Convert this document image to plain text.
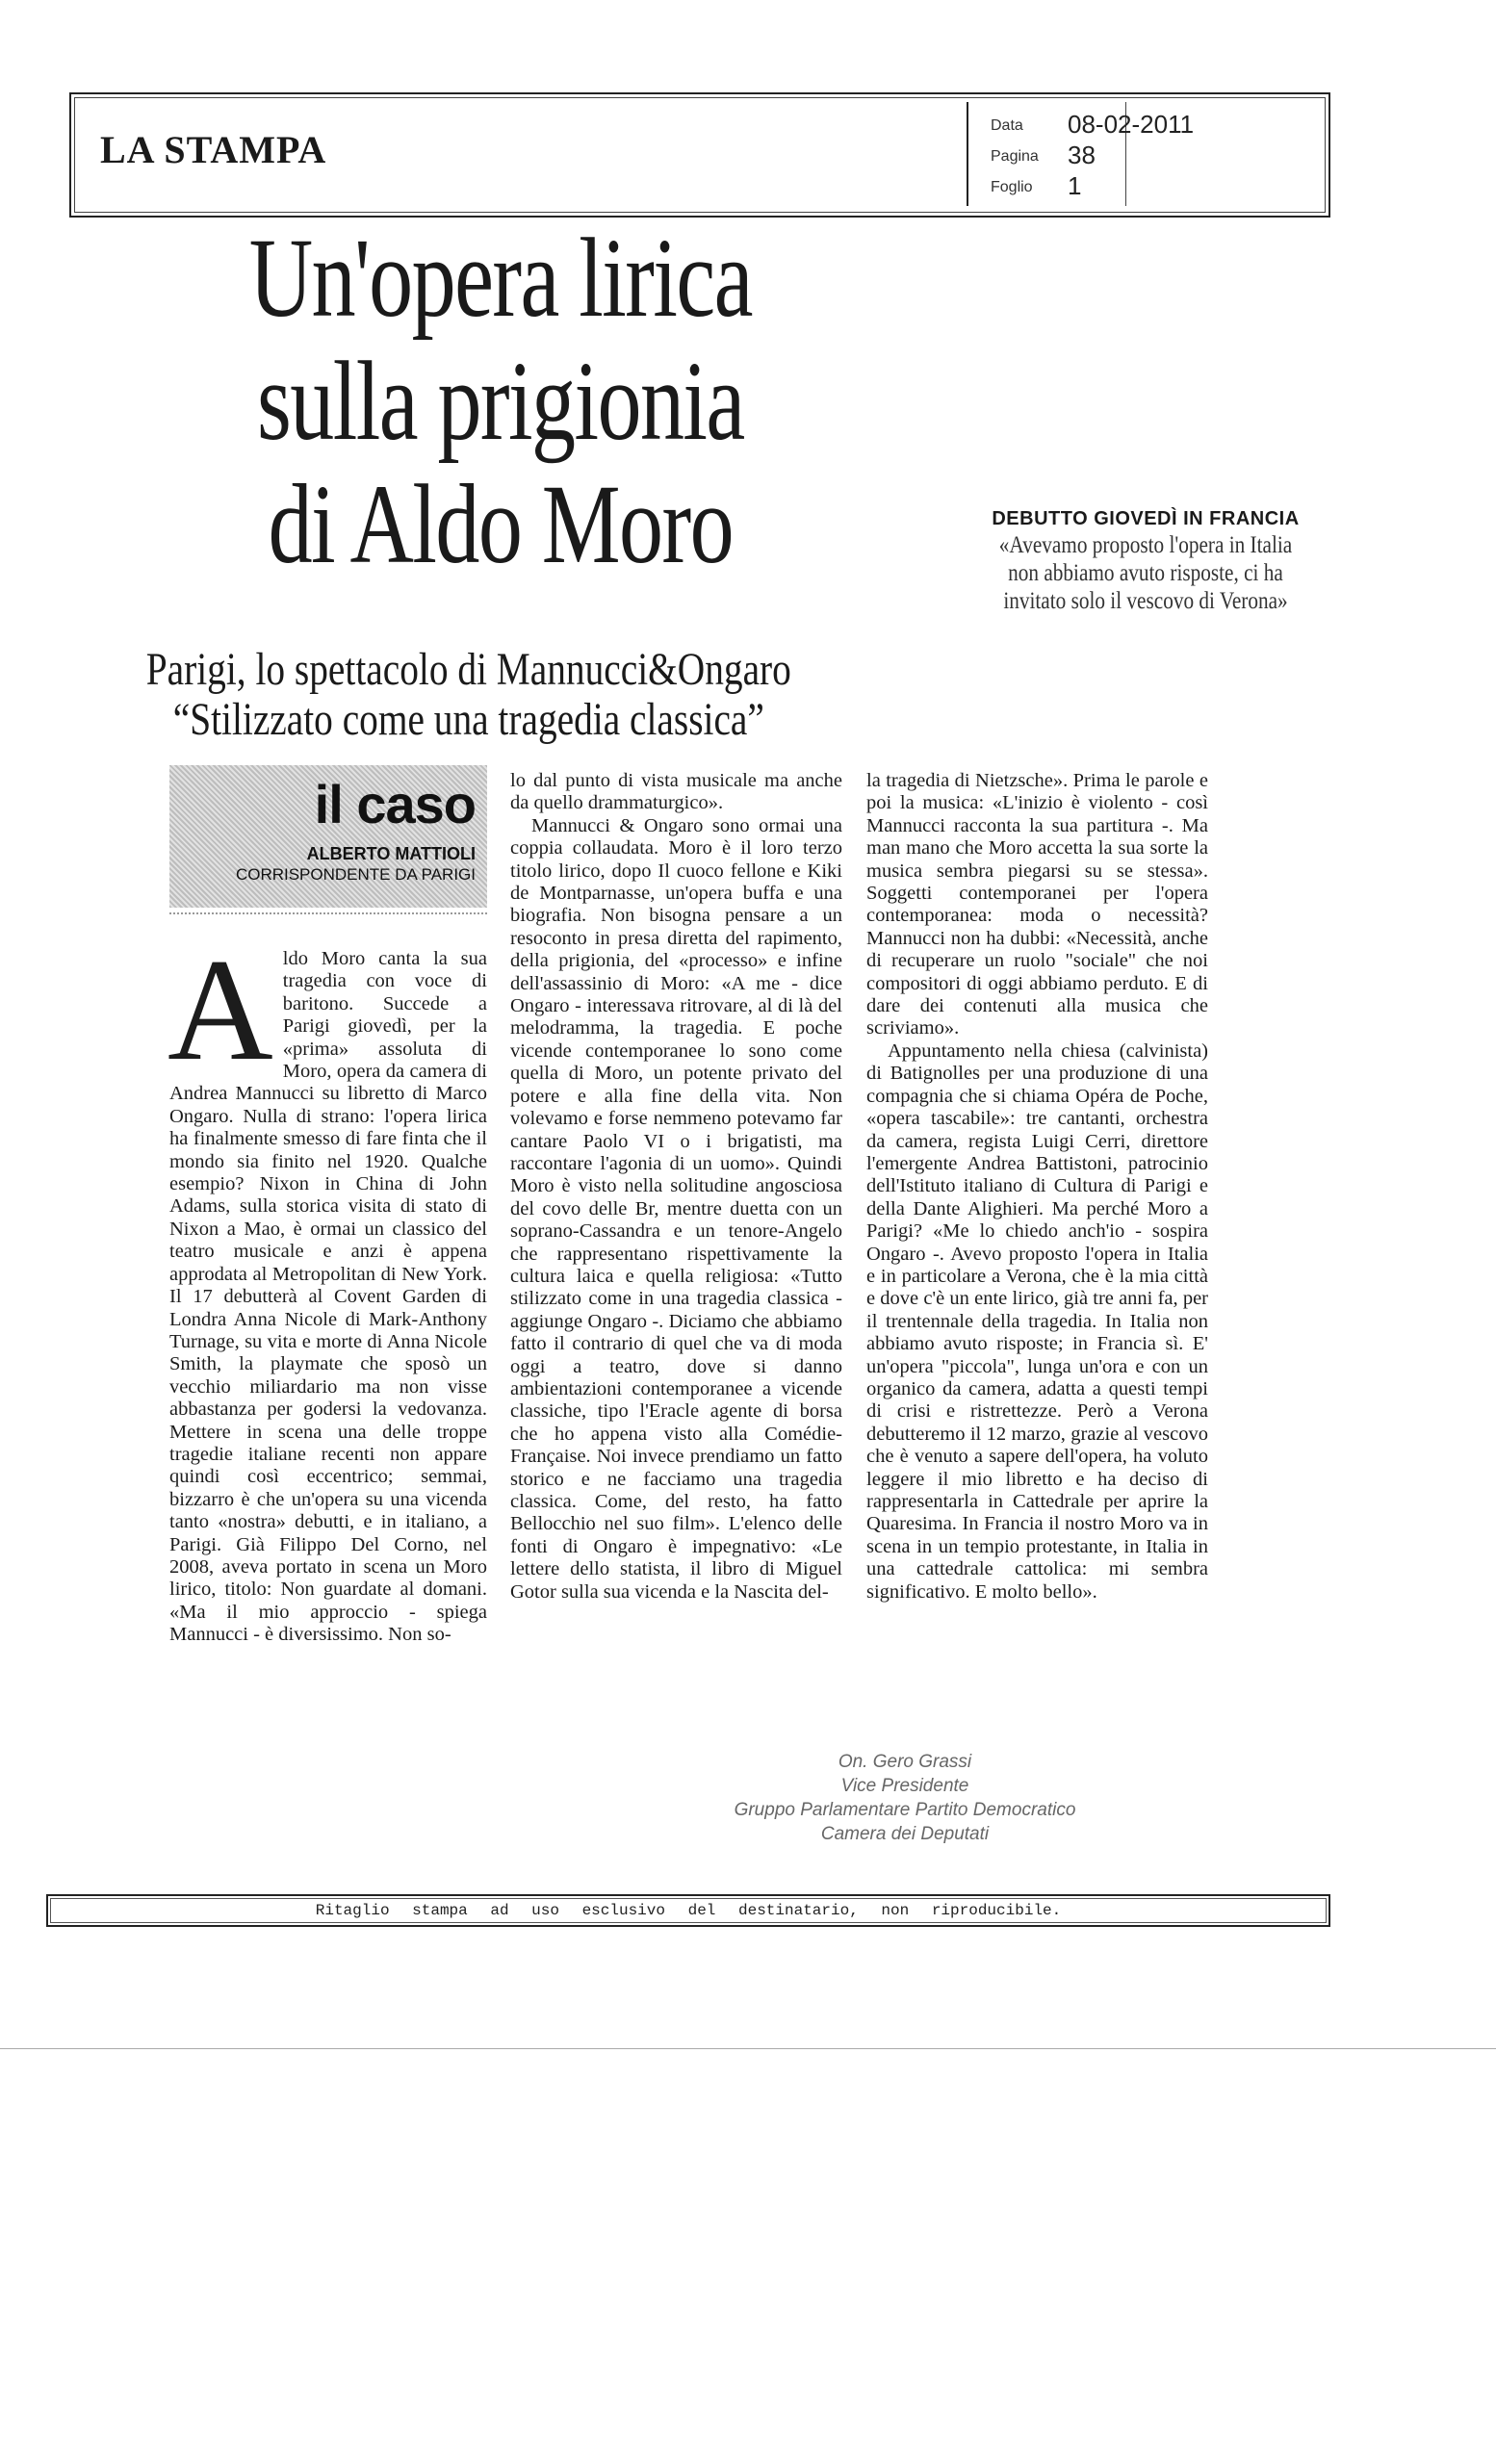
LA STAMPA
Data
Pagina
Foglio
08-02-2011
38
1
Un'opera lirica
sulla prigionia
di Aldo Moro
Parigi, lo spettacolo di Mannucci&Ongaro
“Stilizzato come una tragedia classica”
DEBUTTO GIOVEDÌ IN FRANCIA
«Avevamo proposto l'opera in Italia non abbiamo avuto risposte, ci ha invitato solo il vescovo di Verona»
il caso
ALBERTO MATTIOLI
CORRISPONDENTE DA PARIGI
A ldo Moro canta la sua tragedia con voce di baritono. Succede a Parigi giovedì, per la «prima» assoluta di Moro, opera da camera di Andrea Mannucci su libretto di Marco Ongaro. Nulla di strano: l'opera lirica ha finalmente smesso di fare finta che il mondo sia finito nel 1920. Qualche esempio? Nixon in China di John Adams, sulla storica visita di stato di Nixon a Mao, è ormai un classico del teatro musicale e anzi è appena approdata al Metropolitan di New York. Il 17 debutterà al Covent Garden di Londra Anna Nicole di Mark-Anthony Turnage, su vita e morte di Anna Nicole Smith, la playmate che sposò un vecchio miliardario ma non visse abbastanza per godersi la vedovanza. Mettere in scena una delle troppe tragedie italiane recenti non appare quindi così eccentrico; semmai, bizzarro è che un'opera su una vicenda tanto «nostra» debutti, e in italiano, a Parigi. Già Filippo Del Corno, nel 2008, aveva portato in scena un Moro lirico, titolo: Non guardate al domani. «Ma il mio approccio - spiega Mannucci - è diversissimo. Non so-

lo dal punto di vista musicale ma anche da quello drammaturgico».

Mannucci & Ongaro sono ormai una coppia collaudata. Moro è il loro terzo titolo lirico, dopo Il cuoco fellone e Kiki de Montparnasse, un'opera buffa e una biografia. Non bisogna pensare a un resoconto in presa diretta del rapimento, della prigionia, del «processo» e infine dell'assassinio di Moro: «A me - dice Ongaro - interessava ritrovare, al di là del melodramma, la tragedia. E poche vicende contemporanee lo sono come quella di Moro, un potente privato del potere e alla fine della vita. Non volevamo e forse nemmeno potevamo far cantare Paolo VI o i brigatisti, ma raccontare l'agonia di un uomo». Quindi Moro è visto nella solitudine angosciosa del covo delle Br, mentre duetta con un soprano-Cassandra e un tenore-Angelo che rappresentano rispettivamente la cultura laica e quella religiosa: «Tutto stilizzato come in una tragedia classica - aggiunge Ongaro -. Diciamo che abbiamo fatto il contrario di quel che va di moda oggi a teatro, dove si danno ambientazioni contemporanee a vicende classiche, tipo l'Eracle agente di borsa che ho appena visto alla Comédie-Française. Noi invece prendiamo un fatto storico e ne facciamo una tragedia classica. Come, del resto, ha fatto Bellocchio nel suo film». L'elenco delle fonti di Ongaro è impegnativo: «Le lettere dello statista, il libro di Miguel Gotor sulla sua vicenda e la Nascita del-

la tragedia di Nietzsche». Prima le parole e poi la musica: «L'inizio è violento - così Mannucci racconta la sua partitura -. Ma man mano che Moro accetta la sua sorte la musica sembra piegarsi su se stessa». Soggetti contemporanei per l'opera contemporanea: moda o necessità? Mannucci non ha dubbi: «Necessità, anche di recuperare un ruolo "sociale" che noi compositori di oggi abbiamo perduto. E di dare dei contenuti alla musica che scriviamo».

Appuntamento nella chiesa (calvinista) di Batignolles per una produzione di una compagnia che si chiama Opéra de Poche, «opera tascabile»: tre cantanti, orchestra da camera, regista Luigi Cerri, direttore l'emergente Andrea Battistoni, patrocinio dell'Istituto italiano di Cultura di Parigi e della Dante Alighieri. Ma perché Moro a Parigi? «Me lo chiedo anch'io - sospira Ongaro -. Avevo proposto l'opera in Italia e in particolare a Verona, che è la mia città e dove c'è un ente lirico, già tre anni fa, per il trentennale della tragedia. In Italia non abbiamo avuto risposte; in Francia sì. E' un'opera "piccola", lunga un'ora e con un organico da camera, adatta a questi tempi di crisi e ristrettezze. Però a Verona debutteremo il 12 marzo, grazie al vescovo che è venuto a sapere dell'opera, ha voluto leggere il mio libretto e ha deciso di rappresentarla in Cattedrale per aprire la Quaresima. In Francia il nostro Moro va in scena in un tempio protestante, in Italia in una cattedrale cattolica: mi sembra significativo. E molto bello».

On. Gero Grassi
Vice Presidente
Gruppo Parlamentare Partito Democratico
Camera dei Deputati
Ritaglio stampa ad uso esclusivo del destinatario, non riproducibile.
